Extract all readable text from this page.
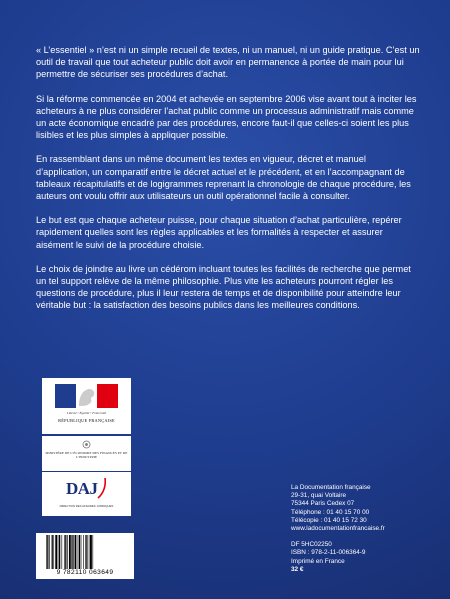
« L’essentiel » n’est ni un simple recueil de textes, ni un manuel, ni un guide pratique. C’est un outil de travail que tout acheteur public doit avoir en permanence à portée de main pour lui permettre de sécuriser ses procédures d’achat.

Si la réforme commencée en 2004 et achevée en septembre 2006 vise avant tout à inciter les acheteurs à ne plus considérer l’achat public comme un processus administratif mais comme un acte économique encadré par des procédures, encore faut-il que celles-ci soient les plus lisibles et les plus simples à appliquer possible.

En rassemblant dans un même document les textes en vigueur, décret et manuel d’application, un comparatif entre le décret actuel et le précédent, et en l’accompagnant de tableaux récapitulatifs et de logigrammes reprenant la chronologie de chaque procédure, les auteurs ont voulu offrir aux utilisateurs un outil opérationnel facile à consulter.

Le but est que chaque acheteur puisse, pour chaque situation d’achat particulière, repérer rapidement quelles sont les règles applicables et les formalités à respecter et assurer aisément le suivi de la procédure choisie.

Le choix de joindre au livre un cédérom incluant toutes les facilités de recherche que permet un tel support relève de la même philosophie. Plus vite les acheteurs pourront régler les questions de procédure, plus il leur restera de temps et de disponibilité pour atteindre leur véritable but : la satisfaction des besoins publics dans les meilleures conditions.

Liberté • Égalité • Fraternité
RÉPUBLIQUE FRANÇAISE
MINISTÈRE DE L’ÉCONOMIE DES FINANCES ET DE L’INDUSTRIE
DAJ
DIRECTION DES AFFAIRES JURIDIQUES
La Documentation française
29-31, quai Voltaire
75344 Paris Cedex 07
Téléphone : 01 40 15 70 00
Télécopie : 01 40 15 72 30
www.ladocumentationfrancaise.fr
DF 5HC02250
ISBN : 978-2-11-006364-9
Imprimé en France
32 €
9 782110 063649
